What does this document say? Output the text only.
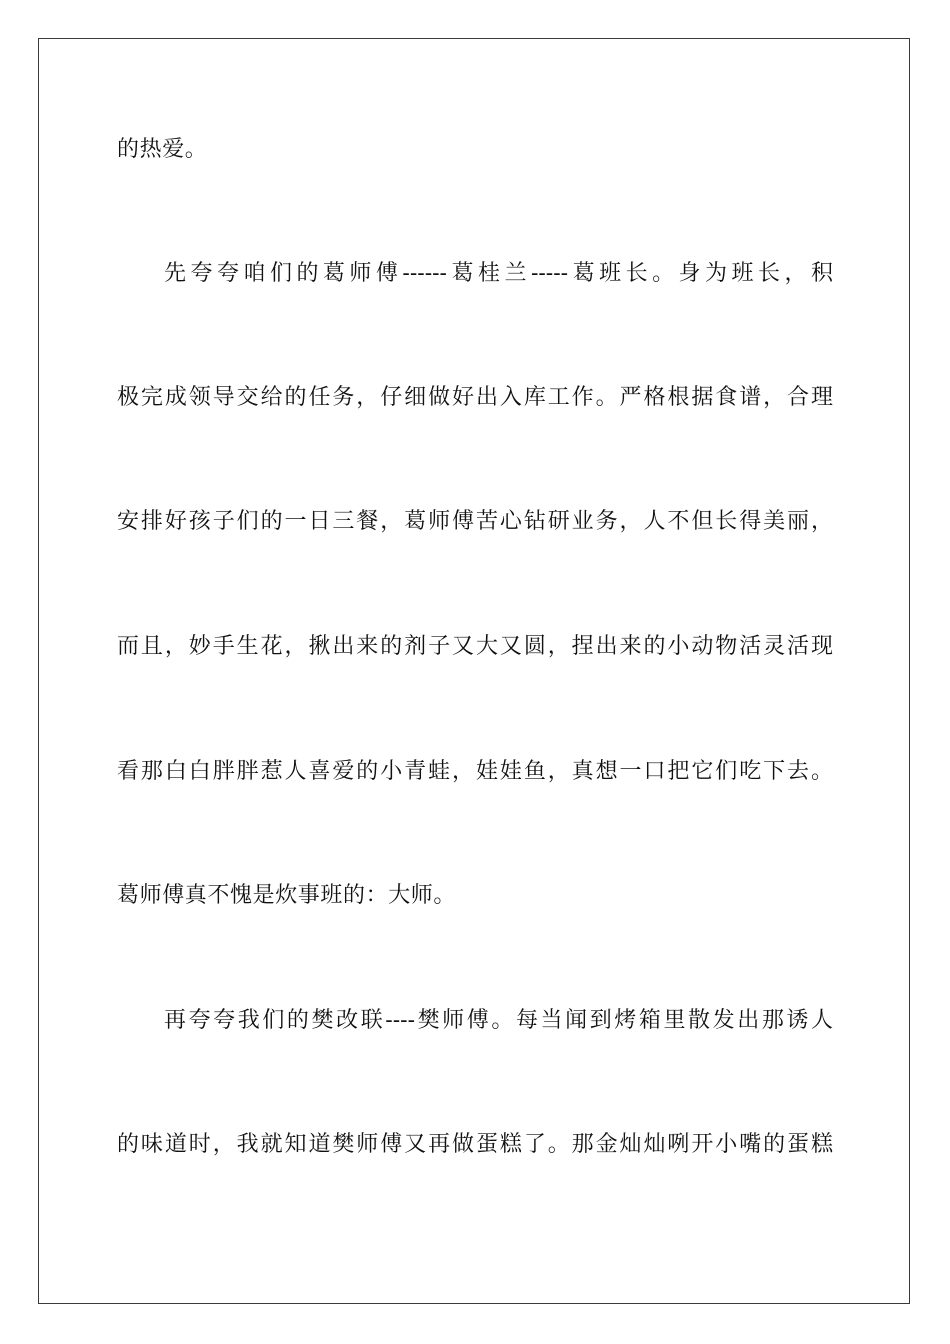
的热爱。
先夸夸咱们的葛师傅------葛桂兰-----葛班长。身为班长，积
极完成领导交给的任务，仔细做好出入库工作。严格根据食谱，合理
安排好孩子们的一日三餐，葛师傅苦心钻研业务，人不但长得美丽，
而且，妙手生花，揪出来的剂子又大又圆，捏出来的小动物活灵活现
看那白白胖胖惹人喜爱的小青蛙，娃娃鱼，真想一口把它们吃下去。
葛师傅真不愧是炊事班的：大师。
再夸夸我们的樊改联----樊师傅。每当闻到烤箱里散发出那诱人
的味道时，我就知道樊师傅又再做蛋糕了。那金灿灿咧开小嘴的蛋糕
